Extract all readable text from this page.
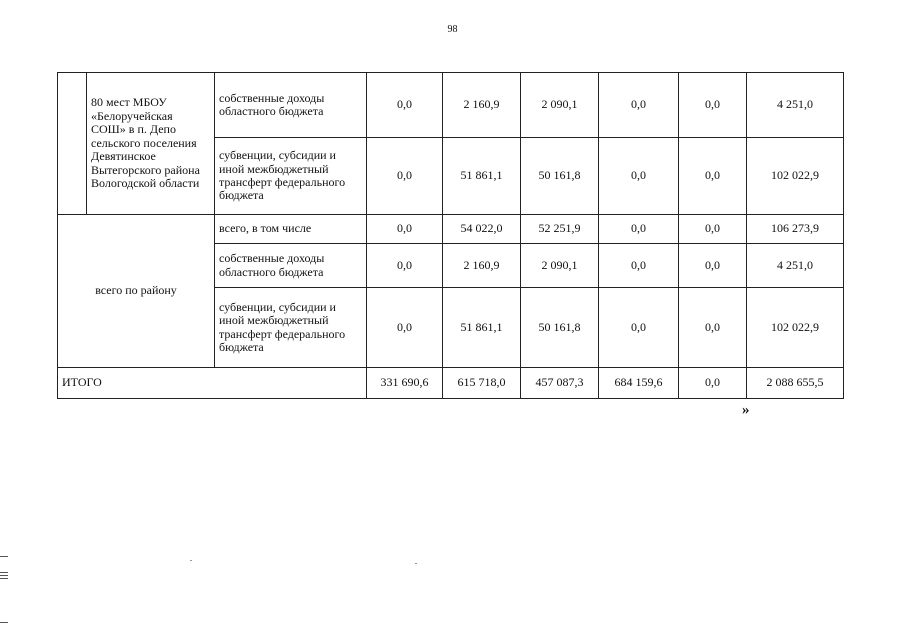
98
	80 мест МБОУ «Белоручейская СОШ» в п. Депо сельского поселения Девятинское Вытегорского района Вологодской области	собственные доходы областного бюджета	0,0	2 160,9	2 090,1	0,0	0,0	4 251,0
		субвенции, субсидии и иной межбюджетный трансферт федерального бюджета	0,0	51 861,1	50 161,8	0,0	0,0	102 022,9
всего по району		всего, в том числе	0,0	54 022,0	52 251,9	0,0	0,0	106 273,9
		собственные доходы областного бюджета	0,0	2 160,9	2 090,1	0,0	0,0	4 251,0
		субвенции, субсидии и иной межбюджетный трансферт федерального бюджета	0,0	51 861,1	50 161,8	0,0	0,0	102 022,9
ИТОГО			331 690,6	615 718,0	457 087,3	684 159,6	0,0	2 088 655,5
»
